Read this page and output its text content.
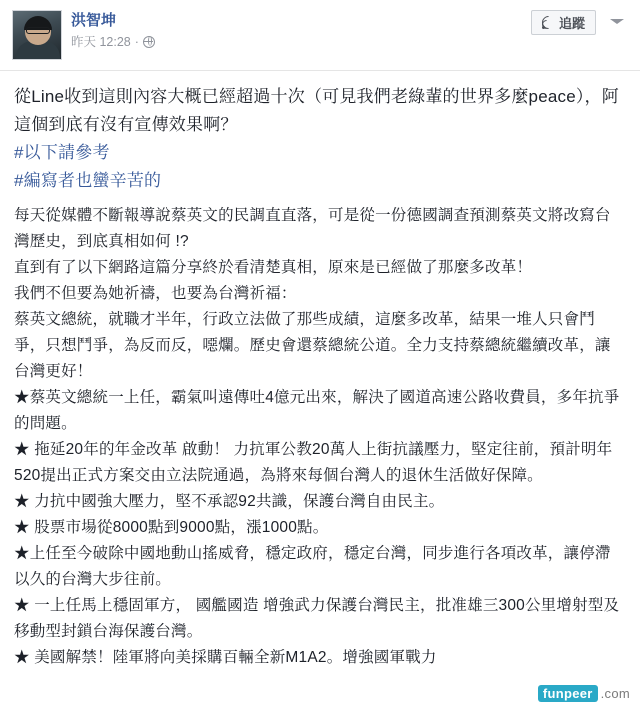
洪智坤
昨天 12:28 ·
追蹤
從Line收到這則內容大概已經超過十次（可見我們老綠輩的世界多麼peace），阿這個到底有沒有宣傳效果啊？
#以下請參考
#編寫者也蠻辛苦的
每天從媒體不斷報導說蔡英文的民調直直落，可是從一份德國調查預測蔡英文將改寫台灣歷史，到底真相如何 !?
直到有了以下網路這篇分享終於看清楚真相，原來是已經做了那麼多改革！
我們不但要為她祈禱，也要為台灣祈福：
蔡英文總統，就職才半年，行政立法做了那些成績，這麼多改革，結果一堆人只會鬥爭，只想鬥爭，為反而反，噁爛。歷史會還蔡總統公道。全力支持蔡總統繼續改革，讓台灣更好！
★蔡英文總統一上任，霸氣叫遠傳吐4億元出來，解決了國道高速公路收費員，多年抗爭的問題。
★ 拖延20年的年金改革 啟動！ 力抗軍公教20萬人上街抗議壓力，堅定往前，預計明年520提出正式方案交由立法院通過，為將來每個台灣人的退休生活做好保障。
★ 力抗中國強大壓力，堅不承認92共識，保護台灣自由民主。
★ 股票市場從8000點到9000點，漲1000點。
★上任至今破除中國地動山搖威脅，穩定政府，穩定台灣，同步進行各項改革，讓停滯以久的台灣大步往前。
★ 一上任馬上穩固軍方， 國艦國造 增強武力保護台灣民主，批准雄三300公里增射型及移動型封鎖台海保護台灣。
★ 美國解禁！陸軍將向美採購百輛全新M1A2。增強國軍戰力
funpeer .com
